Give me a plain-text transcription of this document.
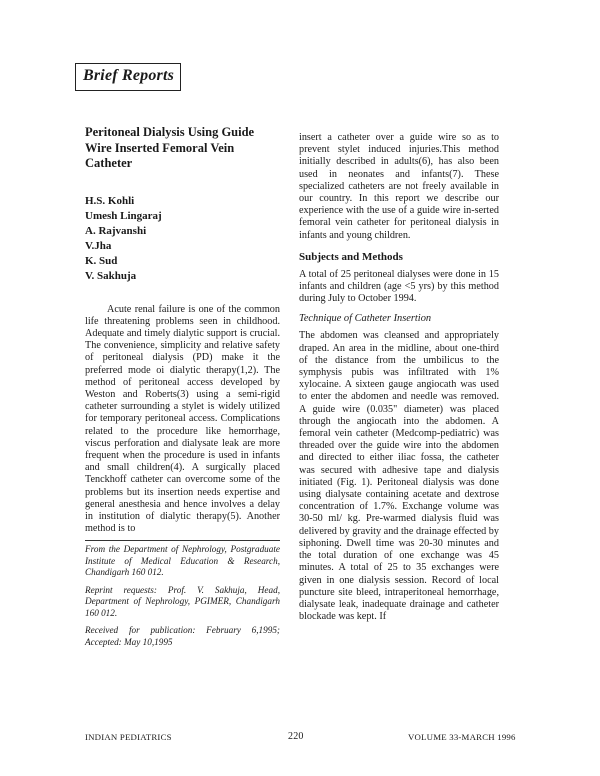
Brief Reports
Peritoneal Dialysis Using Guide Wire Inserted Femoral Vein Catheter
H.S. Kohli
Umesh Lingaraj
A. Rajvanshi
V.Jha
K. Sud
V. Sakhuja

Acute renal failure is one of the common life threatening problems seen in childhood. Adequate and timely dialytic support is crucial. The convenience, simplicity and relative safety of peritoneal dialysis (PD) make it the preferred mode oi dialytic therapy(1,2). The method of peritoneal access developed by Weston and Roberts(3) using a semi-rigid catheter surrounding a stylet is widely utilized for temporary peritoneal access. Complications related to the procedure like hemorrhage, viscus perforation and dialysate leak are more frequent when the procedure is used in infants and small children(4). A surgically placed Tenckhoff catheter can overcome some of the problems but its insertion needs expertise and general anesthesia and hence involves a delay in institution of dialytic therapy(5). Another method is to

From the Department of Nephrology, Postgraduate Institute of Medical Education & Research, Chandigarh 160 012.

Reprint requests: Prof. V. Sakhuja, Head, Department of Nephrology, PGIMER, Chandigarh 160 012.

Received for publication: February 6,1995; Accepted: May 10,1995

insert a catheter over a guide wire so as to prevent stylet induced injuries.This method initially described in adults(6), has also been used in neonates and infants(7). These specialized catheters are not freely available in our country. In this report we describe our experience with the use of a guide wire in-serted femoral vein catheter for peritoneal dialysis in infants and young children.

Subjects and Methods

A total of 25 peritoneal dialyses were done in 15 infants and children (age <5 yrs) by this method during July to October 1994.

Technique of Catheter Insertion

The abdomen was cleansed and appropriately draped. An area in the midline, about one-third of the distance from the umbilicus to the symphysis pubis was infiltrated with 1% xylocaine. A sixteen gauge angiocath was used to enter the abdomen and needle was removed. A guide wire (0.035" diameter) was placed through the angiocath into the abdomen. A femoral vein catheter (Medcomp-pediatric) was threaded over the guide wire into the abdomen and directed to either iliac fossa, the catheter was secured with adhesive tape and dialysis initiated (Fig. 1). Peritoneal dialysis was done using dialysate containing acetate and dextrose concentration of 1.7%. Exchange volume was 30-50 ml/ kg. Pre-warmed dialysis fluid was delivered by gravity and the drainage effected by siphoning. Dwell time was 20-30 minutes and the total duration of one exchange was 45 minutes. A total of 25 to 35 exchanges were given in one dialysis session. Record of local puncture site bleed, intraperitoneal hemorrhage, dialysate leak, inadequate drainage and catheter blockade was kept. If

INDIAN PEDIATRICS	220	VOLUME 33-MARCH 1996
